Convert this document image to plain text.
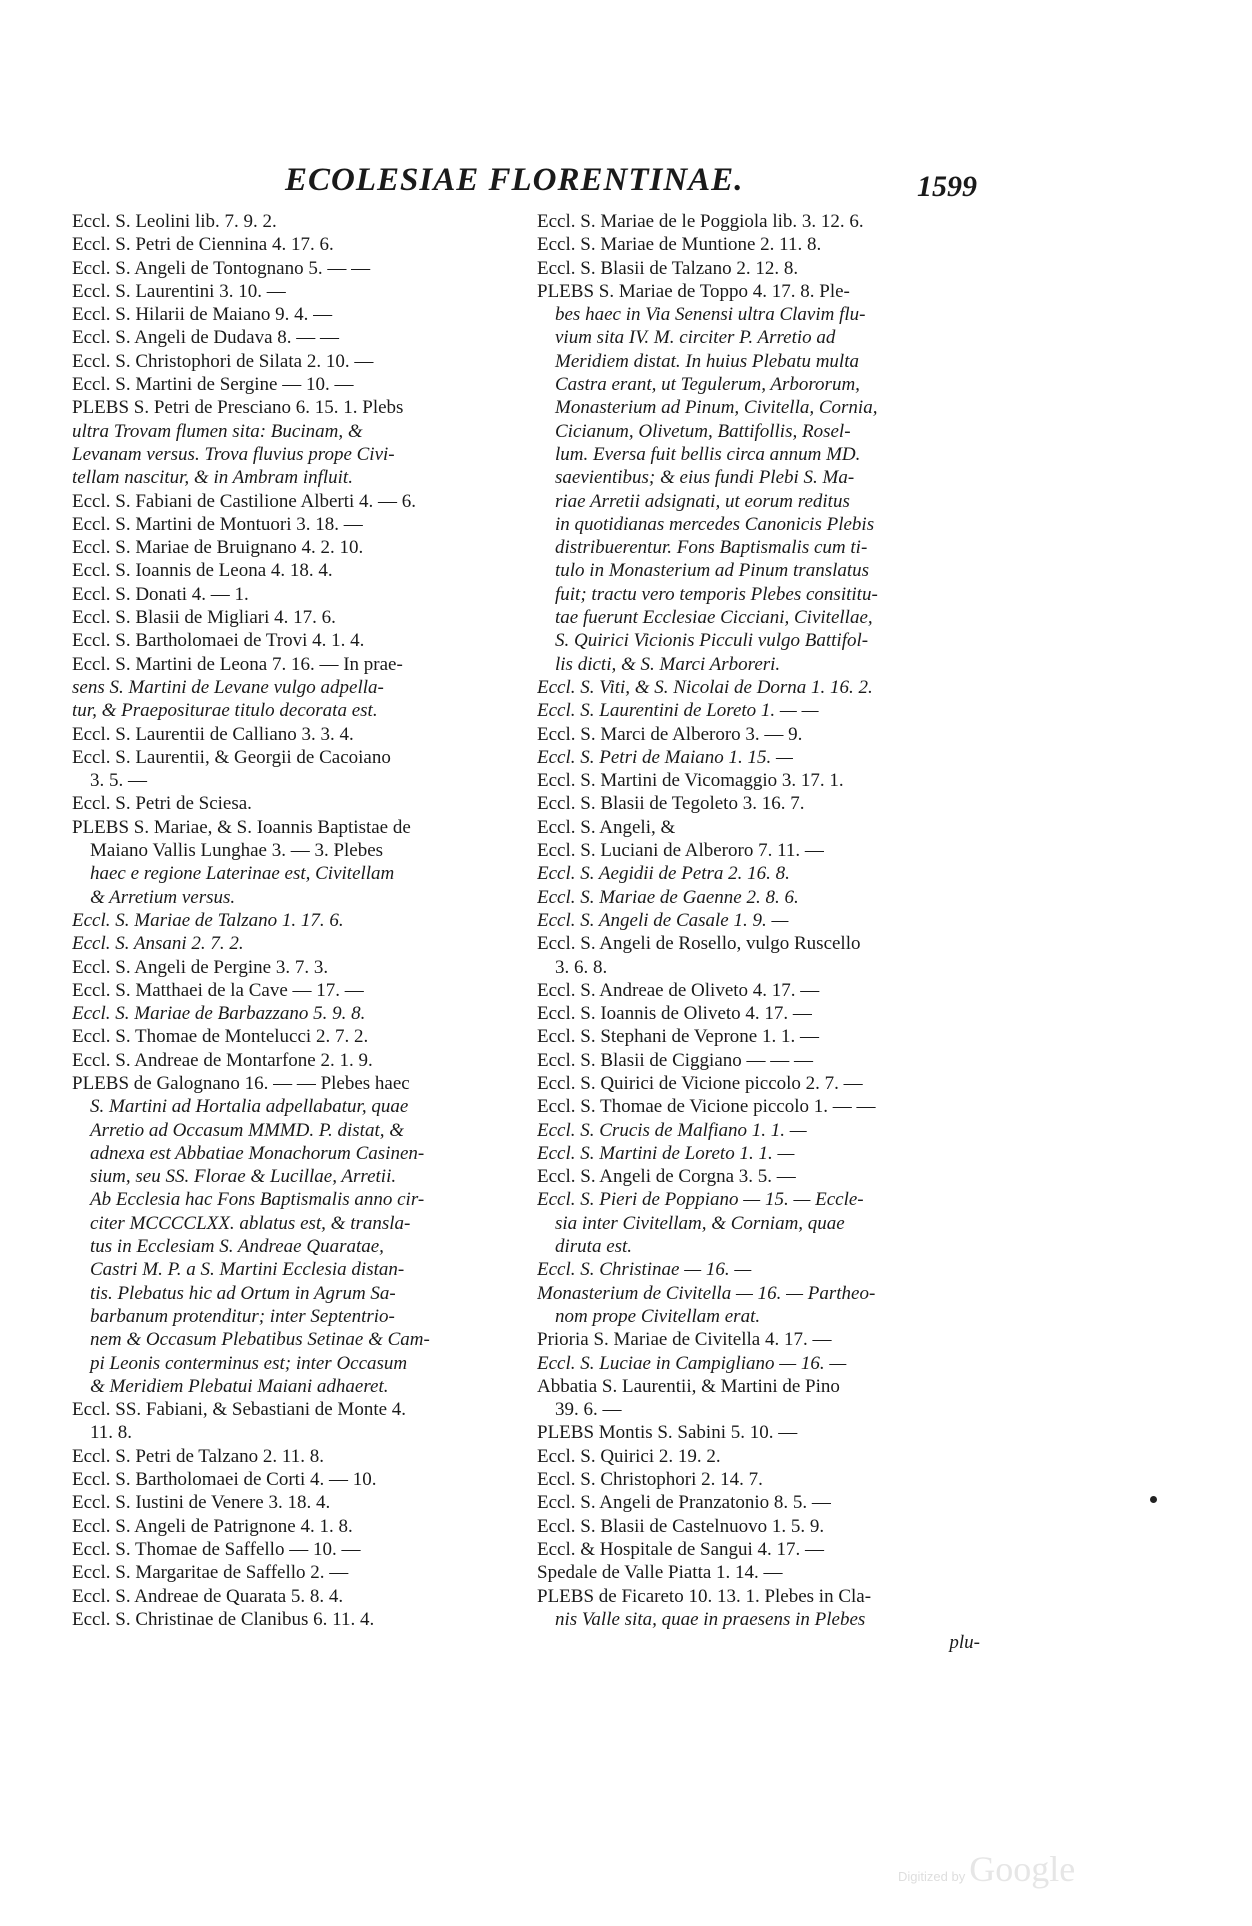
ECOLESIAE FLORENTINAE.	1599
Eccl. S. Leolini lib. 7. 9. 2.
Eccl. S. Petri de Ciennina 4. 17. 6.
Eccl. S. Angeli de Tontognano 5. — —
Eccl. S. Laurentini 3. 10. —
Eccl. S. Hilarii de Maiano 9. 4. —
Eccl. S. Angeli de Dudava 8. — —
Eccl. S. Christophori de Silata 2. 10. —
Eccl. S. Martini de Sergine — 10. —
PLEBS S. Petri de Presciano 6. 15. 1. Plebs
ultra Trovam flumen sita: Bucinam, &
Levanam versus. Trova fluvius prope Civi-
tellam nascitur, & in Ambram influit.
Eccl. S. Fabiani de Castilione Alberti 4. — 6.
Eccl. S. Martini de Montuori 3. 18. —
Eccl. S. Mariae de Bruignano 4. 2. 10.
Eccl. S. Ioannis de Leona 4. 18. 4.
Eccl. S. Donati 4. — 1.
Eccl. S. Blasii de Migliari 4. 17. 6.
Eccl. S. Bartholomaei de Trovi 4. 1. 4.
Eccl. S. Martini de Leona 7. 16. — In prae-
sens S. Martini de Levane vulgo adpella-
tur, & Praepositurae titulo decorata est.
Eccl. S. Laurentii de Calliano 3. 3. 4.
Eccl. S. Laurentii, & Georgii de Cacoiano
3. 5. —
Eccl. S. Petri de Sciesa.
PLEBS S. Mariae, & S. Ioannis Baptistae de
Maiano Vallis Lunghae 3. — 3. Plebes
haec e regione Laterinae est, Civitellam
& Arretium versus.
Eccl. S. Mariae de Talzano 1. 17. 6.
Eccl. S. Ansani 2. 7. 2.
Eccl. S. Angeli de Pergine 3. 7. 3.
Eccl. S. Matthaei de la Cave — 17. —
Eccl. S. Mariae de Barbazzano 5. 9. 8.
Eccl. S. Thomae de Montelucci 2. 7. 2.
Eccl. S. Andreae de Montarfone 2. 1. 9.
PLEBS de Galognano 16. — — Plebes haec
S. Martini ad Hortalia adpellabatur, quae
Arretio ad Occasum MMMD. P. distat, &
adnexa est Abbatiae Monachorum Casinen-
sium, seu SS. Florae & Lucillae, Arretii.
Ab Ecclesia hac Fons Baptismalis anno cir-
citer MCCCCLXX. ablatus est, & transla-
tus in Ecclesiam S. Andreae Quaratae,
Castri M. P. a S. Martini Ecclesia distan-
tis. Plebatus hic ad Ortum in Agrum Sa-
barbanum protenditur; inter Septentrio-
nem & Occasum Plebatibus Setinae & Cam-
pi Leonis conterminus est; inter Occasum
& Meridiem Plebatui Maiani adhaeret.
Eccl. SS. Fabiani, & Sebastiani de Monte 4.
11. 8.
Eccl. S. Petri de Talzano 2. 11. 8.
Eccl. S. Bartholomaei de Corti 4. — 10.
Eccl. S. Iustini de Venere 3. 18. 4.
Eccl. S. Angeli de Patrignone 4. 1. 8.
Eccl. S. Thomae de Saffello — 10. —
Eccl. S. Margaritae de Saffello 2. —
Eccl. S. Andreae de Quarata 5. 8. 4.
Eccl. S. Christinae de Clanibus 6. 11. 4.
Eccl. S. Mariae de le Poggiola lib. 3. 12. 6.
Eccl. S. Mariae de Muntione 2. 11. 8.
Eccl. S. Blasii de Talzano 2. 12. 8.
PLEBS S. Mariae de Toppo 4. 17. 8. Ple-
bes haec in Via Senensi ultra Clavim flu-
vium sita IV. M. circiter P. Arretio ad
Meridiem distat. In huius Plebatu multa
Castra erant, ut Tegulerum, Arbororum,
Monasterium ad Pinum, Civitella, Cornia,
Cicianum, Olivetum, Battifollis, Rosel-
lum. Eversa fuit bellis circa annum MD.
saevientibus; & eius fundi Plebi S. Ma-
riae Arretii adsignati, ut eorum reditus
in quotidianas mercedes Canonicis Plebis
distribuerentur. Fons Baptismalis cum ti-
tulo in Monasterium ad Pinum translatus
fuit; tractu vero temporis Plebes consititu-
tae fuerunt Ecclesiae Cicciani, Civitellae,
S. Quirici Vicionis Picculi vulgo Battifol-
lis dicti, & S. Marci Arboreri.
Eccl. S. Viti, & S. Nicolai de Dorna 1. 16. 2.
Eccl. S. Laurentini de Loreto 1. — —
Eccl. S. Marci de Alberoro 3. — 9.
Eccl. S. Petri de Maiano 1. 15. —
Eccl. S. Martini de Vicomaggio 3. 17. 1.
Eccl. S. Blasii de Tegoleto 3. 16. 7.
Eccl. S. Angeli, &
Eccl. S. Luciani de Alberoro 7. 11. —
Eccl. S. Aegidii de Petra 2. 16. 8.
Eccl. S. Mariae de Gaenne 2. 8. 6.
Eccl. S. Angeli de Casale 1. 9. —
Eccl. S. Angeli de Rosello, vulgo Ruscello
3. 6. 8.
Eccl. S. Andreae de Oliveto 4. 17. —
Eccl. S. Ioannis de Oliveto 4. 17. —
Eccl. S. Stephani de Veprone 1. 1. —
Eccl. S. Blasii de Ciggiano — — —
Eccl. S. Quirici de Vicione piccolo 2. 7. —
Eccl. S. Thomae de Vicione piccolo 1. — —
Eccl. S. Crucis de Malfiano 1. 1. —
Eccl. S. Martini de Loreto 1. 1. —
Eccl. S. Angeli de Corgna 3. 5. —
Eccl. S. Pieri de Poppiano — 15. — Eccle-
sia inter Civitellam, & Corniam, quae
diruta est.
Eccl. S. Christinae — 16. —
Monasterium de Civitella — 16. — Partheo-
nom prope Civitellam erat.
Prioria S. Mariae de Civitella 4. 17. —
Eccl. S. Luciae in Campigliano — 16. —
Abbatia S. Laurentii, & Martini de Pino
39. 6. —
PLEBS Montis S. Sabini 5. 10. —
Eccl. S. Quirici 2. 19. 2.
Eccl. S. Christophori 2. 14. 7.
Eccl. S. Angeli de Pranzatonio 8. 5. —
Eccl. S. Blasii de Castelnuovo 1. 5. 9.
Eccl. & Hospitale de Sangui 4. 17. —
Spedale de Valle Piatta 1. 14. —
PLEBS de Ficareto 10. 13. 1. Plebes in Cla-
nis Valle sita, quae in praesens in Plebes
plu-
Digitized by Google
